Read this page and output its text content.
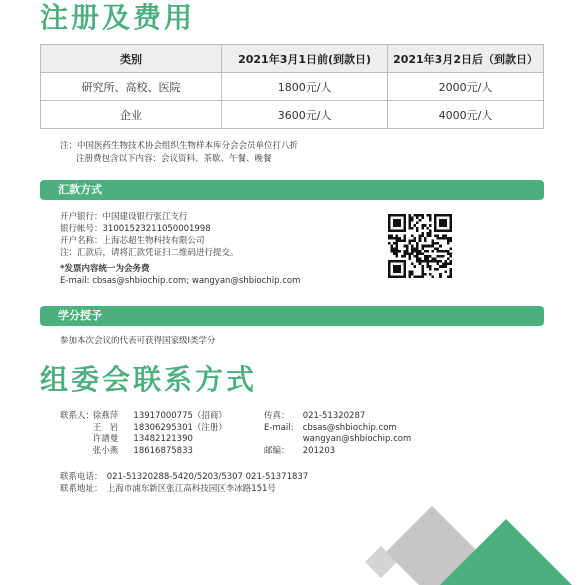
注册及费用
类别	2021年3月1日前(到款日)	2021年3月2日后（到款日）
研究所、高校、医院	1800元/人	2000元/人
企业	3600元/人	4000元/人
注：中国医药生物技术协会组织生物样本库分会会员单位打八折
注册费包含以下内容：会议资料、茶歇、午餐、晚餐
汇款方式
开户银行：中国建设银行张江支行
银行帐号：31001523211050001998
开户名称：上海芯超生物科技有限公司
注：汇款后，请将汇款凭证扫二维码进行提交。
*发票内容统一为会务费
E-mail: cbsas@shbiochip.com; wangyan@shbiochip.com
学分授予
参加本次会议的代表可获得国家级I类学分
组委会联系方式
联系人： 徐燕萍 13917000775（招商）
王　岩 18306295301（注册）
许譜曼 13482121390
张小燕 18616875833
传真： 021-51320287
E-mail: cbsas@shbiochip.com
wangyan@shbiochip.com
邮编： 201203
联系电话： 021-51320288-5420/5203/5307 021-51371837
联系地址： 上海市浦东新区张江高科技园区李冰路151号
